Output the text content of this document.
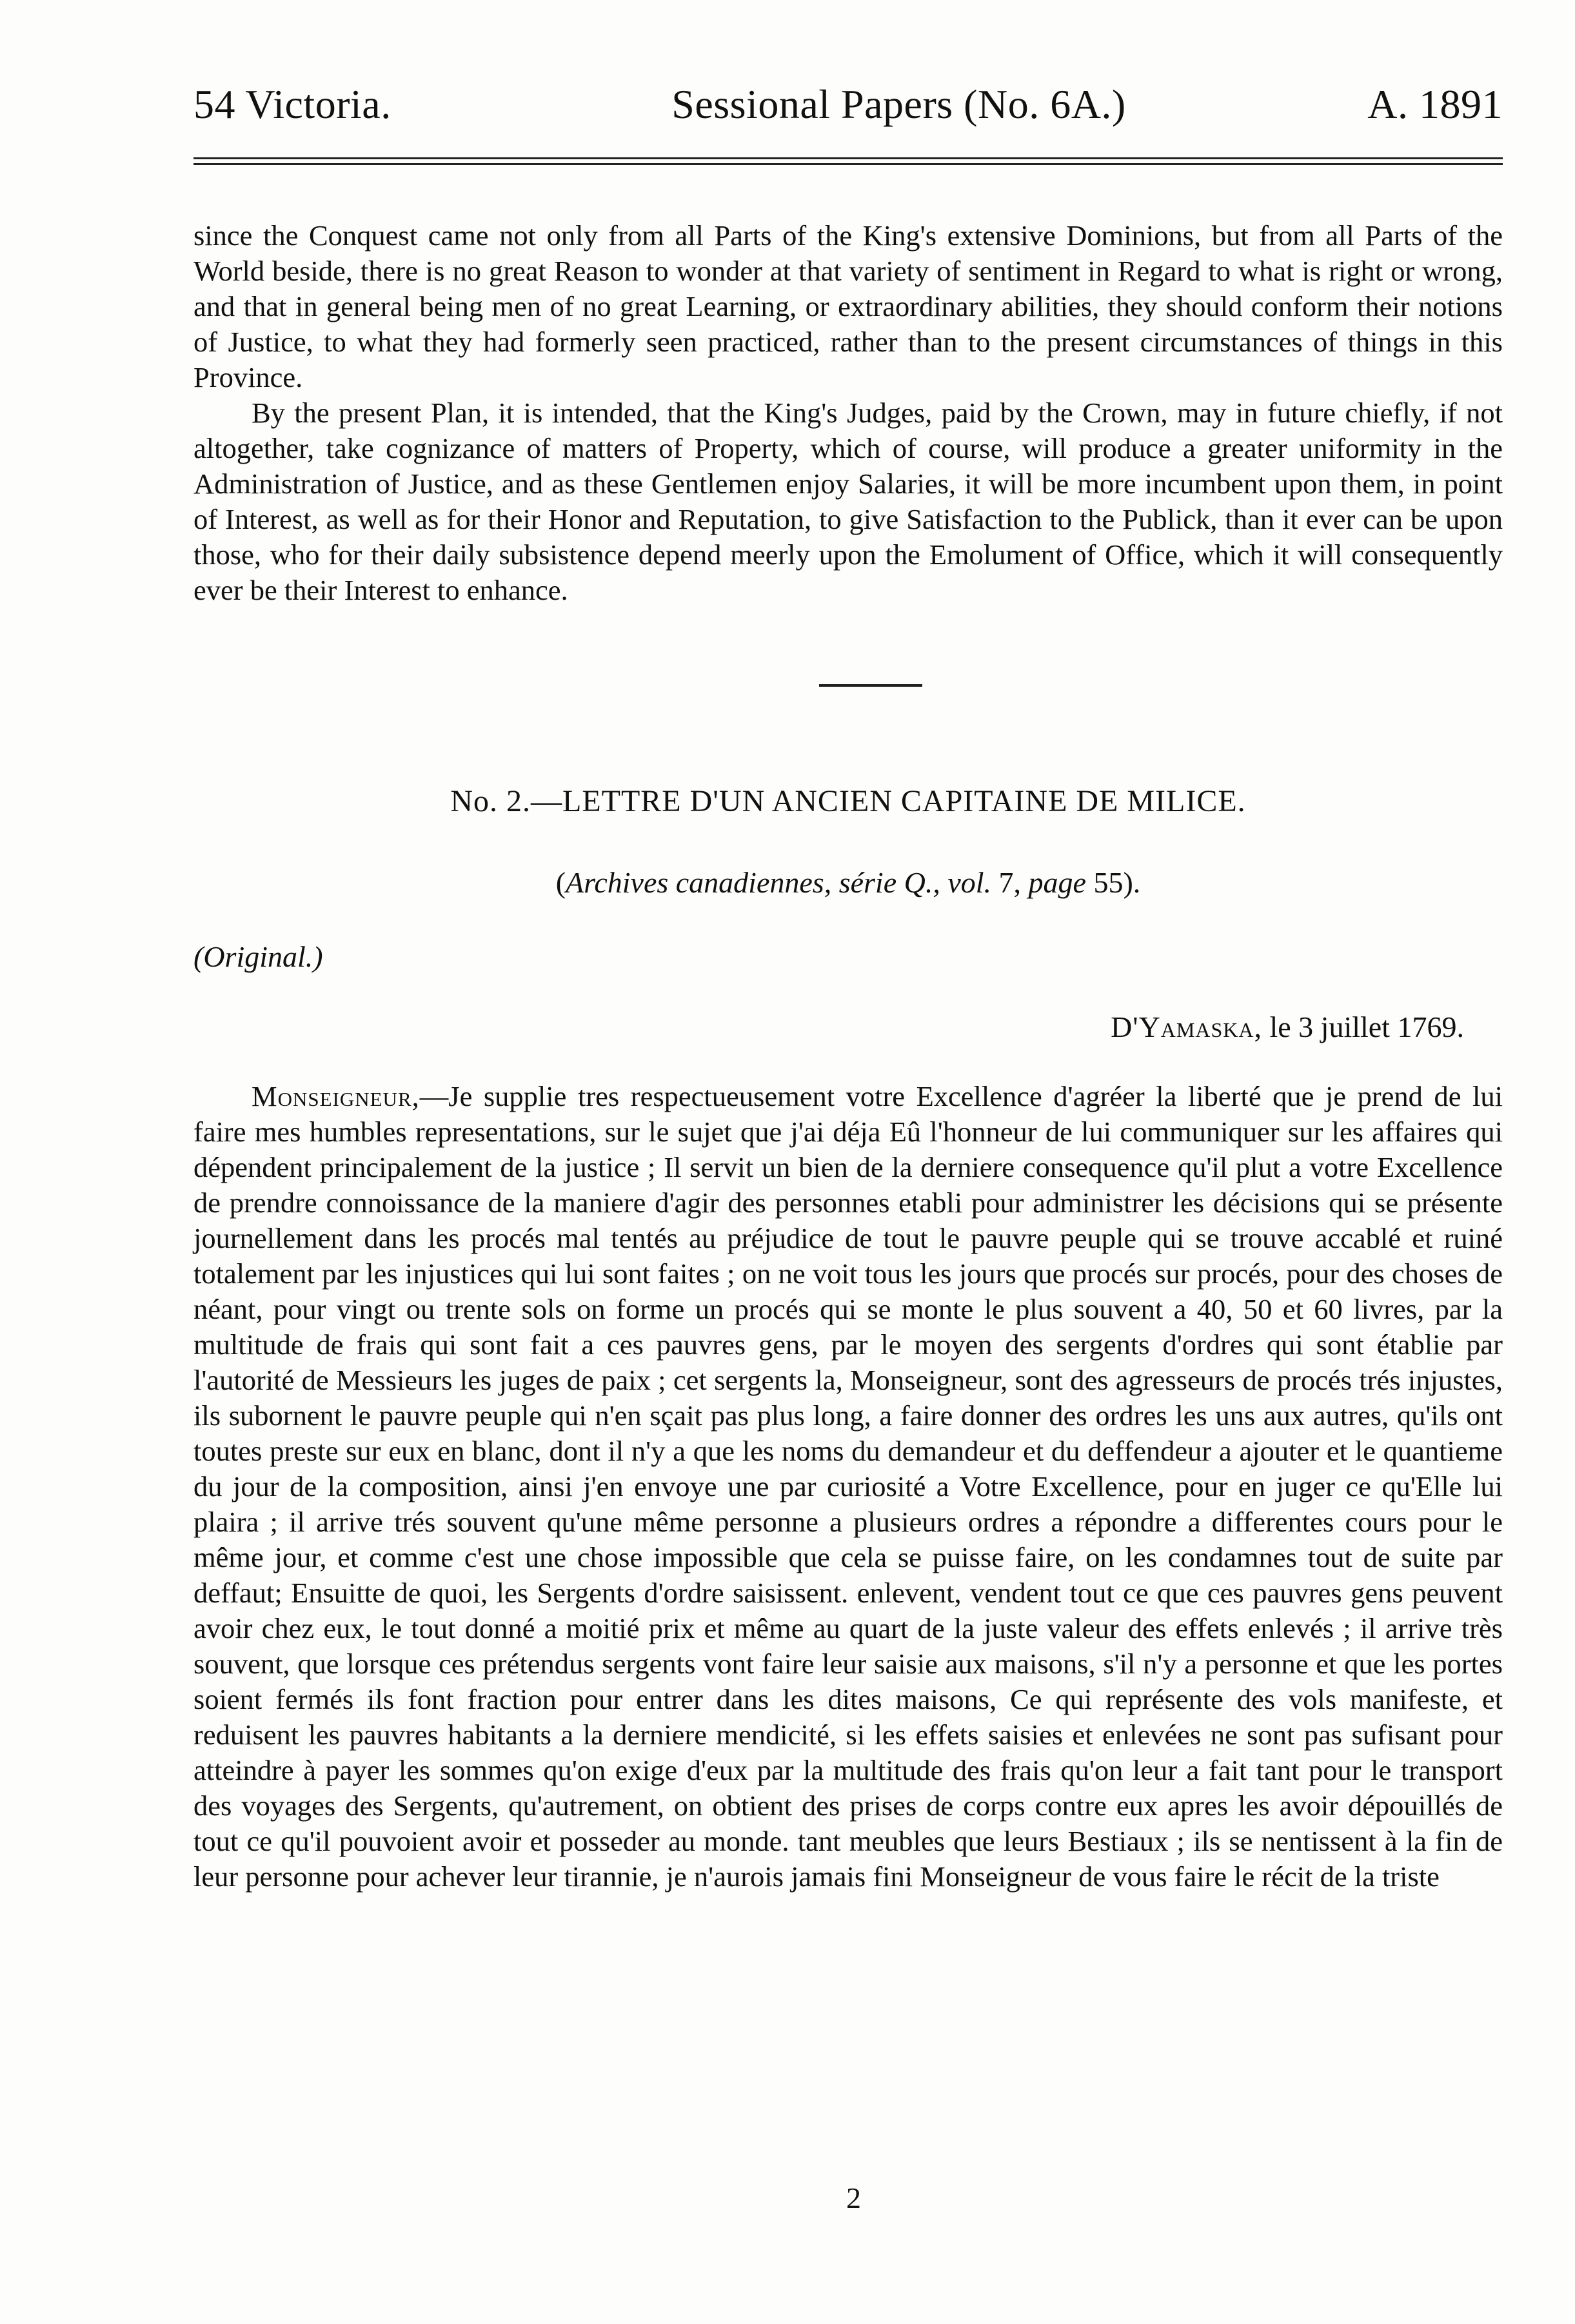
54 Victoria.	Sessional Papers (No. 6A.)	A. 1891

since the Conquest came not only from all Parts of the King's extensive Dominions, but from all Parts of the World beside, there is no great Reason to wonder at that variety of sentiment in Regard to what is right or wrong, and that in general being men of no great Learning, or extraordinary abilities, they should conform their notions of Justice, to what they had formerly seen practiced, rather than to the present circumstances of things in this Province.

By the present Plan, it is intended, that the King's Judges, paid by the Crown, may in future chiefly, if not altogether, take cognizance of matters of Property, which of course, will produce a greater uniformity in the Administration of Justice, and as these Gentlemen enjoy Salaries, it will be more incumbent upon them, in point of Interest, as well as for their Honor and Reputation, to give Satisfaction to the Publick, than it ever can be upon those, who for their daily subsistence depend meerly upon the Emolument of Office, which it will consequently ever be their Interest to enhance.

No. 2.—LETTRE D'UN ANCIEN CAPITAINE DE MILICE.
(Archives canadiennes, série Q., vol. 7, page 55).
(Original.)
D'Yamaska, le 3 juillet 1769.

Monseigneur,—Je supplie tres respectueusement votre Excellence d'agréer la liberté que je prend de lui faire mes humbles representations, sur le sujet que j'ai déja Eû l'honneur de lui communiquer sur les affaires qui dépendent principalement de la justice ; Il servit un bien de la derniere consequence qu'il plut a votre Excellence de prendre connoissance de la maniere d'agir des personnes etabli pour administrer les décisions qui se présente journellement dans les procés mal tentés au préjudice de tout le pauvre peuple qui se trouve accablé et ruiné totalement par les injustices qui lui sont faites ; on ne voit tous les jours que procés sur procés, pour des choses de néant, pour vingt ou trente sols on forme un procés qui se monte le plus souvent a 40, 50 et 60 livres, par la multitude de frais qui sont fait a ces pauvres gens, par le moyen des sergents d'ordres qui sont établie par l'autorité de Messieurs les juges de paix ; cet sergents la, Monseigneur, sont des agresseurs de procés trés injustes, ils subornent le pauvre peuple qui n'en sçait pas plus long, a faire donner des ordres les uns aux autres, qu'ils ont toutes preste sur eux en blanc, dont il n'y a que les noms du demandeur et du deffendeur a ajouter et le quantieme du jour de la composition, ainsi j'en envoye une par curiosité a Votre Excellence, pour en juger ce qu'Elle lui plaira ; il arrive trés souvent qu'une même personne a plusieurs ordres a répondre a differentes cours pour le même jour, et comme c'est une chose impossible que cela se puisse faire, on les condamnes tout de suite par deffaut; Ensuitte de quoi, les Sergents d'ordre saisissent. enlevent, vendent tout ce que ces pauvres gens peuvent avoir chez eux, le tout donné a moitié prix et même au quart de la juste valeur des effets enlevés ; il arrive très souvent, que lorsque ces prétendus sergents vont faire leur saisie aux maisons, s'il n'y a personne et que les portes soient fermés ils font fraction pour entrer dans les dites maisons, Ce qui représente des vols manifeste, et reduisent les pauvres habitants a la derniere mendicité, si les effets saisies et enlevées ne sont pas sufisant pour atteindre à payer les sommes qu'on exige d'eux par la multitude des frais qu'on leur a fait tant pour le transport des voyages des Sergents, qu'autrement, on obtient des prises de corps contre eux apres les avoir dépouillés de tout ce qu'il pouvoient avoir et posseder au monde. tant meubles que leurs Bestiaux ; ils se nentissent à la fin de leur personne pour achever leur tirannie, je n'aurois jamais fini Monseigneur de vous faire le récit de la triste

2
